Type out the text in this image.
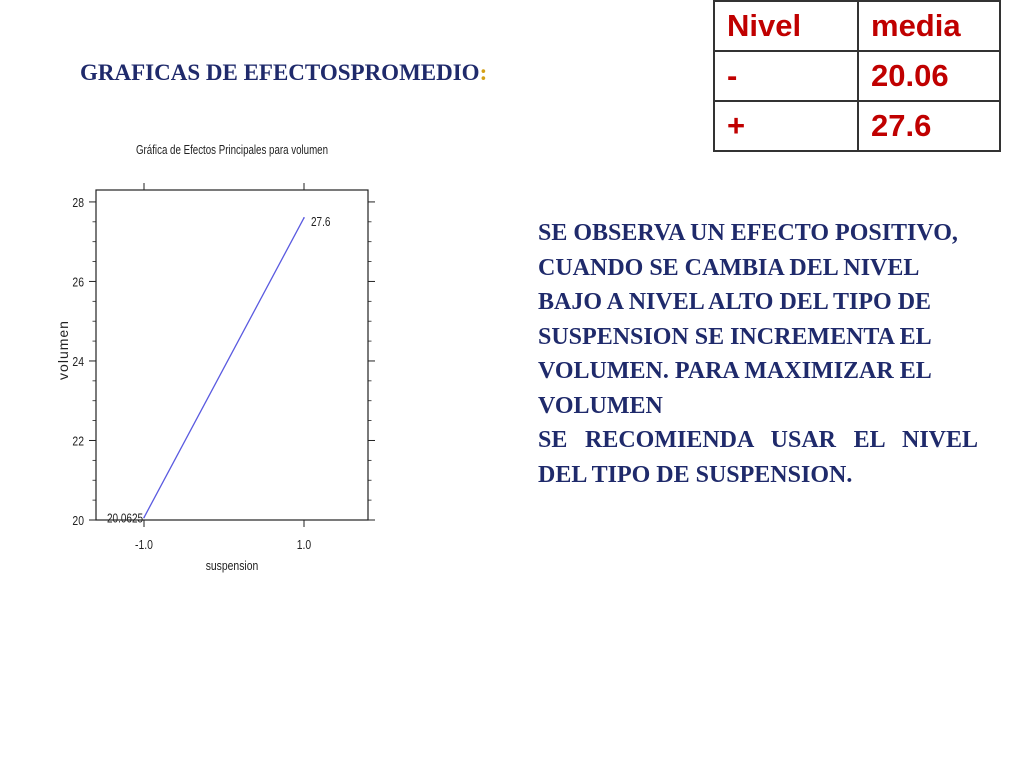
GRAFICAS DE EFECTOSPROMEDIO:
Nivel	media
-	20.06
+	27.6
Gráfica de Efectos Principales para volumen
20
22
24
26
28
-1.0	1.0
volumen
suspension
20.0625
27.6	SE OBSERVA UN EFECTO POSITIVO, CUANDO SE CAMBIA DEL NIVEL BAJO A NIVEL ALTO DEL TIPO DE SUSPENSION SE INCREMENTA EL VOLUMEN. PARA MAXIMIZAR EL VOLUMEN

SE RECOMIENDA USAR EL NIVEL DEL TIPO DE SUSPENSION.
